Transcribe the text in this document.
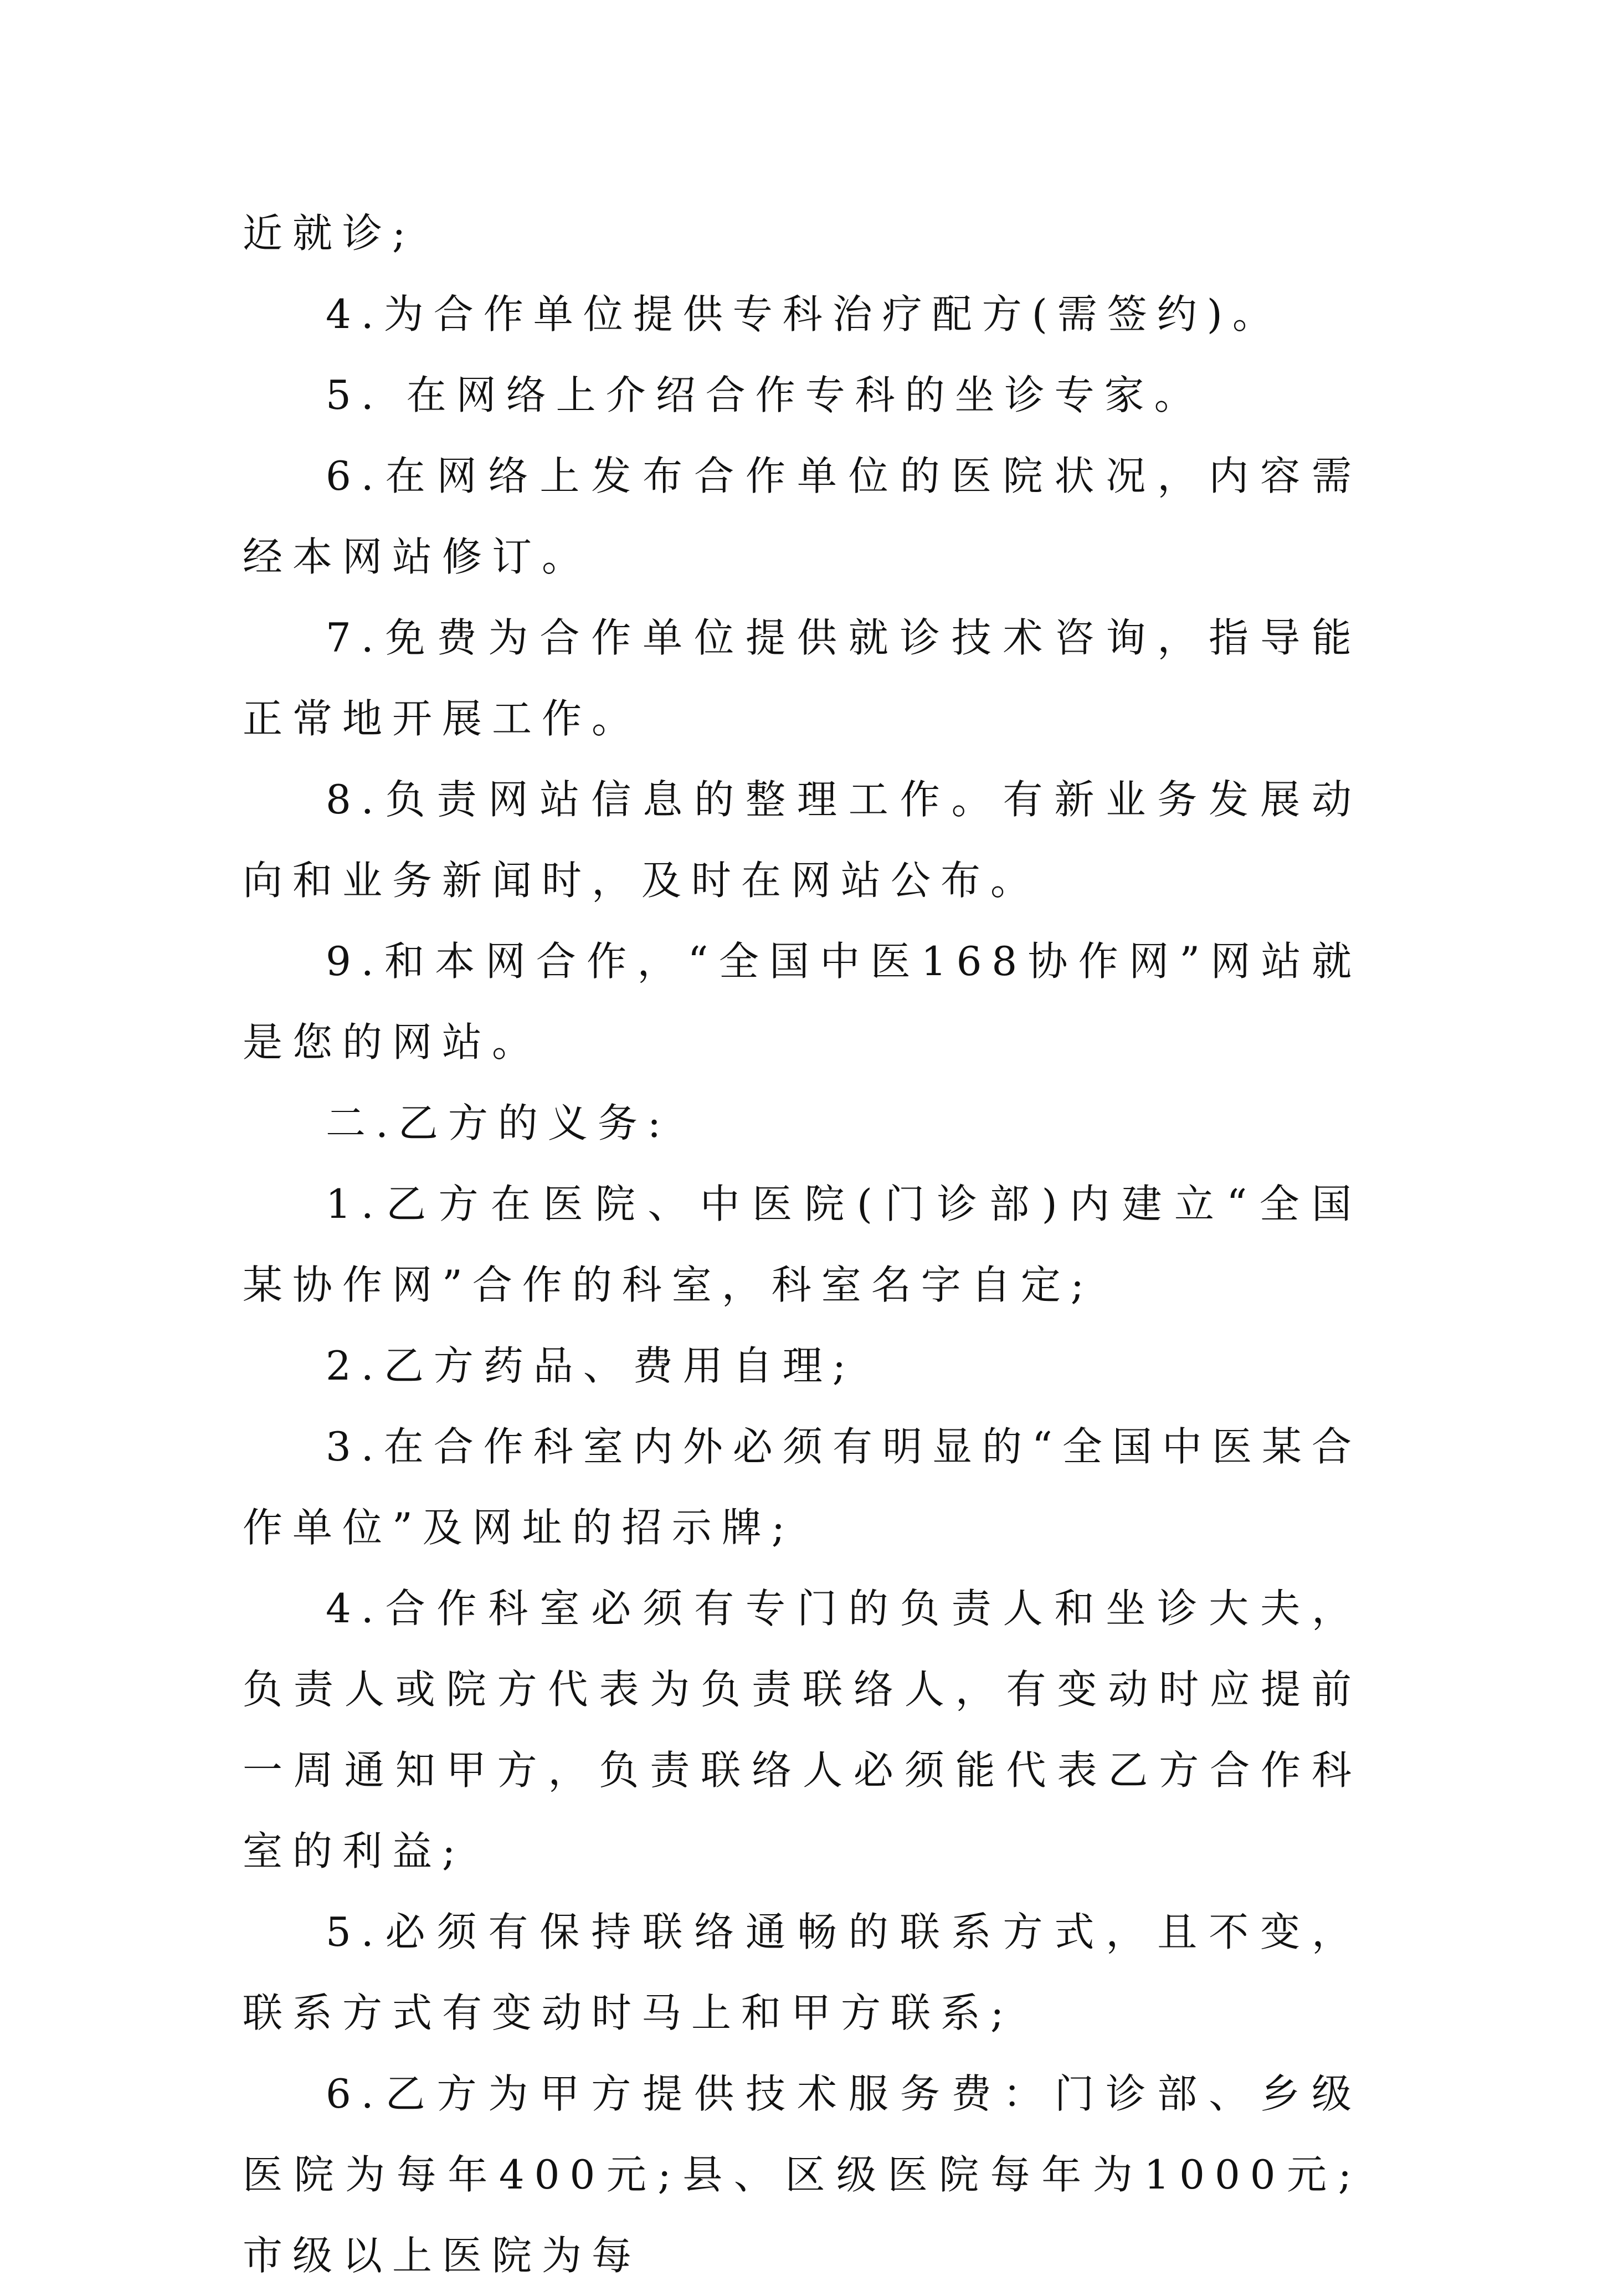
近就诊;

4.为合作单位提供专科治疗配方(需签约)。

5. 在网络上介绍合作专科的坐诊专家。

6.在网络上发布合作单位的医院状况，内容需经本网站修订。

7.免费为合作单位提供就诊技术咨询，指导能正常地开展工作。

8.负责网站信息的整理工作。有新业务发展动向和业务新闻时，及时在网站公布。

9.和本网合作，“全国中医168协作网”网站就是您的网站。

二.乙方的义务:

1.乙方在医院、中医院(门诊部)内建立“全国某协作网”合作的科室，科室名字自定;

2.乙方药品、费用自理;

3.在合作科室内外必须有明显的“全国中医某合作单位”及网址的招示牌;

4.合作科室必须有专门的负责人和坐诊大夫，负责人或院方代表为负责联络人，有变动时应提前一周通知甲方，负责联络人必须能代表乙方合作科室的利益;

5.必须有保持联络通畅的联系方式，且不变，联系方式有变动时马上和甲方联系;

6.乙方为甲方提供技术服务费：门诊部、乡级医院为每年400元;县、区级医院每年为1000元;市级以上医院为每
